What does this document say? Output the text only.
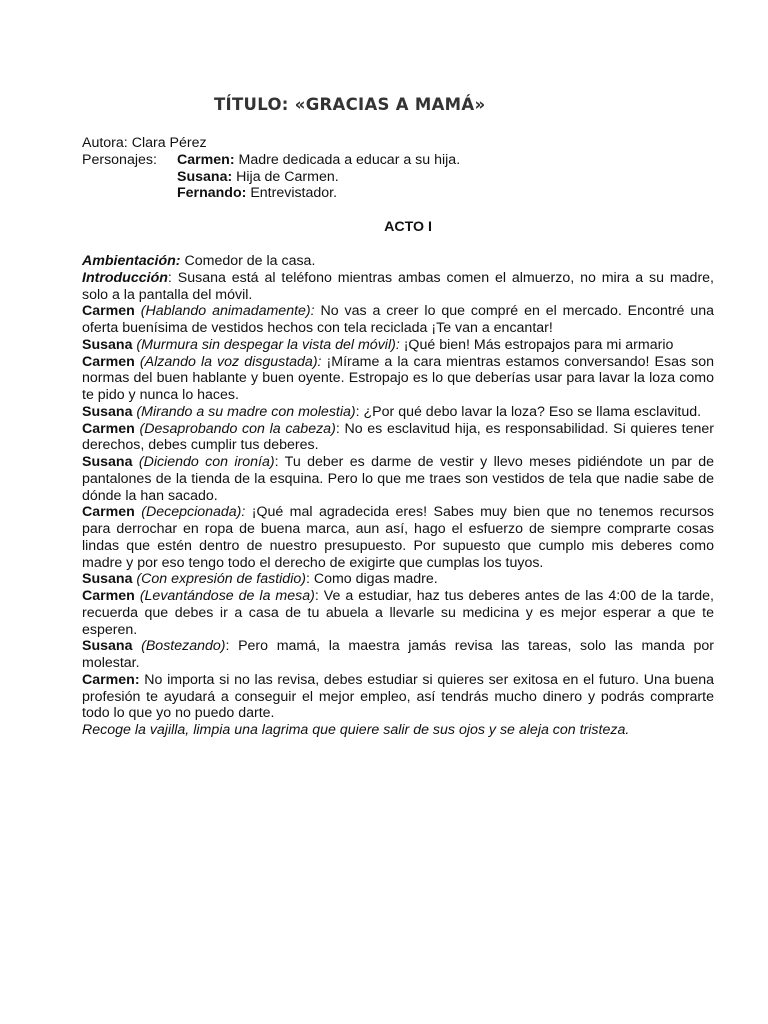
TÍTULO: «GRACIAS A MAMÁ»
Autora:
Clara Pérez
Personajes:	Carmen: Madre dedicada a educar a su hija.
Susana: Hija de Carmen.
Fernando: Entrevistador.
ACTO I

Ambientación: Comedor de la casa.

Introducción: Susana está al teléfono mientras ambas comen el almuerzo, no mira a su madre, solo a la pantalla del móvil.

Carmen (Hablando animadamente): No vas a creer lo que compré en el mercado. Encontré una oferta buenísima de vestidos hechos con tela reciclada ¡Te van a encantar!

Susana (Murmura sin despegar la vista del móvil): ¡Qué bien! Más estropajos para mi armario

Carmen (Alzando la voz disgustada): ¡Mírame a la cara mientras estamos conversando! Esas son normas del buen hablante y buen oyente. Estropajo es lo que deberías usar para lavar la loza como te pido y nunca lo haces.

Susana (Mirando a su madre con molestia): ¿Por qué debo lavar la loza? Eso se llama esclavitud.

Carmen (Desaprobando con la cabeza): No es esclavitud hija, es responsabilidad. Si quieres tener derechos, debes cumplir tus deberes.

Susana (Diciendo con ironía): Tu deber es darme de vestir y llevo meses pidiéndote un par de pantalones de la tienda de la esquina. Pero lo que me traes son vestidos de tela que nadie sabe de dónde la han sacado.

Carmen (Decepcionada): ¡Qué mal agradecida eres! Sabes muy bien que no tenemos recursos para derrochar en ropa de buena marca, aun así, hago el esfuerzo de siempre comprarte cosas lindas que estén dentro de nuestro presupuesto. Por supuesto que cumplo mis deberes como madre y por eso tengo todo el derecho de exigirte que cumplas los tuyos.

Susana (Con expresión de fastidio): Como digas madre.

Carmen (Levantándose de la mesa): Ve a estudiar, haz tus deberes antes de las 4:00 de la tarde, recuerda que debes ir a casa de tu abuela a llevarle su medicina y es mejor esperar a que te esperen.

Susana (Bostezando): Pero mamá, la maestra jamás revisa las tareas, solo las manda por molestar.

Carmen: No importa si no las revisa, debes estudiar si quieres ser exitosa en el futuro. Una buena profesión te ayudará a conseguir el mejor empleo, así tendrás mucho dinero y podrás comprarte todo lo que yo no puedo darte.

Recoge la vajilla, limpia una lagrima que quiere salir de sus ojos y se aleja con tristeza.
